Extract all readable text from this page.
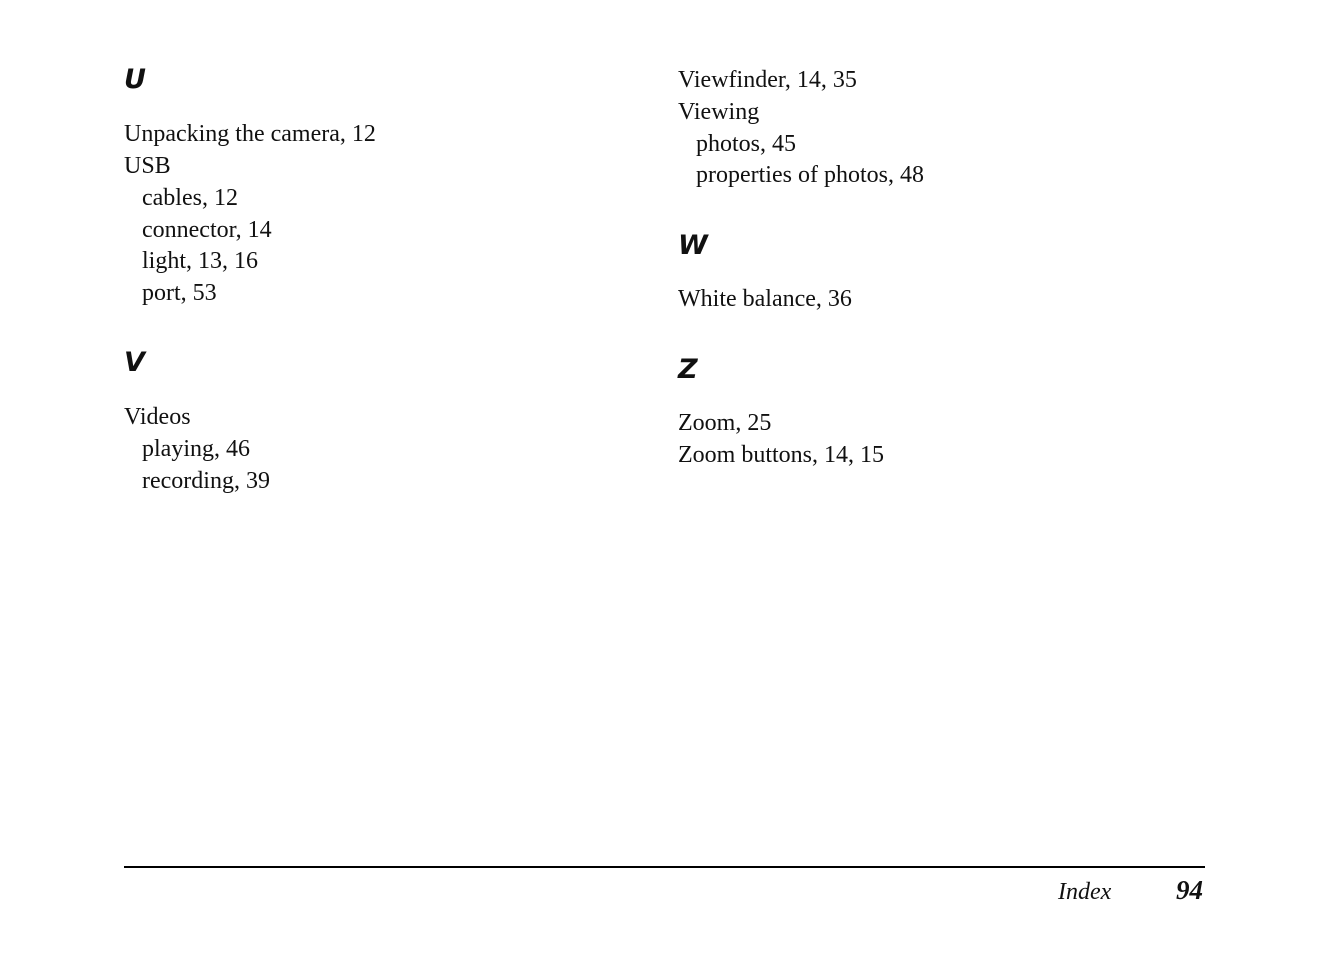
U
Unpacking the camera, 12
USB
cables, 12
connector, 14
light, 13, 16
port, 53
V
Videos
playing, 46
recording, 39
Viewfinder, 14, 35
Viewing
photos, 45
properties of photos, 48
W
White balance, 36
Z
Zoom, 25
Zoom buttons, 14, 15
Index 94
